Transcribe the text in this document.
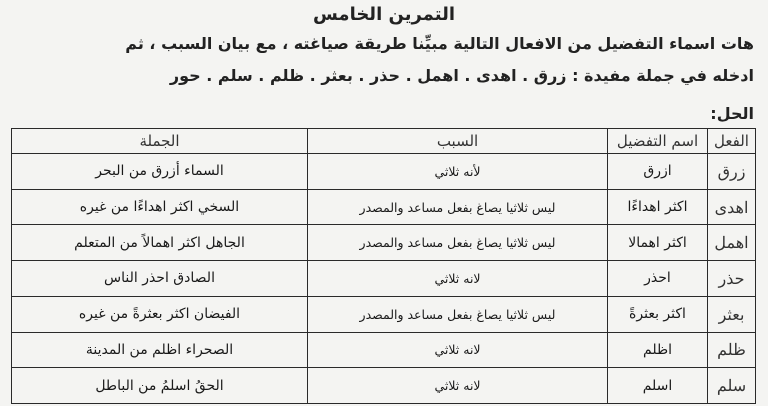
التمرين الخامس
هات اسماء التفضيل من الافعال التالية مبيِّنا طريقة صياغته ، مع بيان السبب ، ثم
ادخله في جملة مفيدة : زرق . اهدى . اهمل . حذر . بعثر . ظلم . سلم . حور
الحل:
الفعل	اسم التفضيل	السبب	الجملة
زرق	ازرق	لأنه ثلاثي	السماء أزرق من البحر
اهدى	اكثر اهداءًا	ليس ثلاثيا يصاغ بفعل مساعد والمصدر	السخي اكثر اهداءًا من غيره
اهمل	اكثر اهمالا	ليس ثلاثيا يصاغ بفعل مساعد والمصدر	الجاهل اكثر اهمالاً من المتعلم
حذر	احذر	لانه ثلاثي	الصادق احذر الناس
بعثر	اكثر بعثرةً	ليس ثلاثيا يصاغ بفعل مساعد والمصدر	الفيضان اكثر بعثرةً من غيره
ظلم	اظلم	لانه ثلاثي	الصحراء اظلم من المدينة
سلم	اسلم	لانه ثلاثي	الحقُ اسلمُ من الباطل
